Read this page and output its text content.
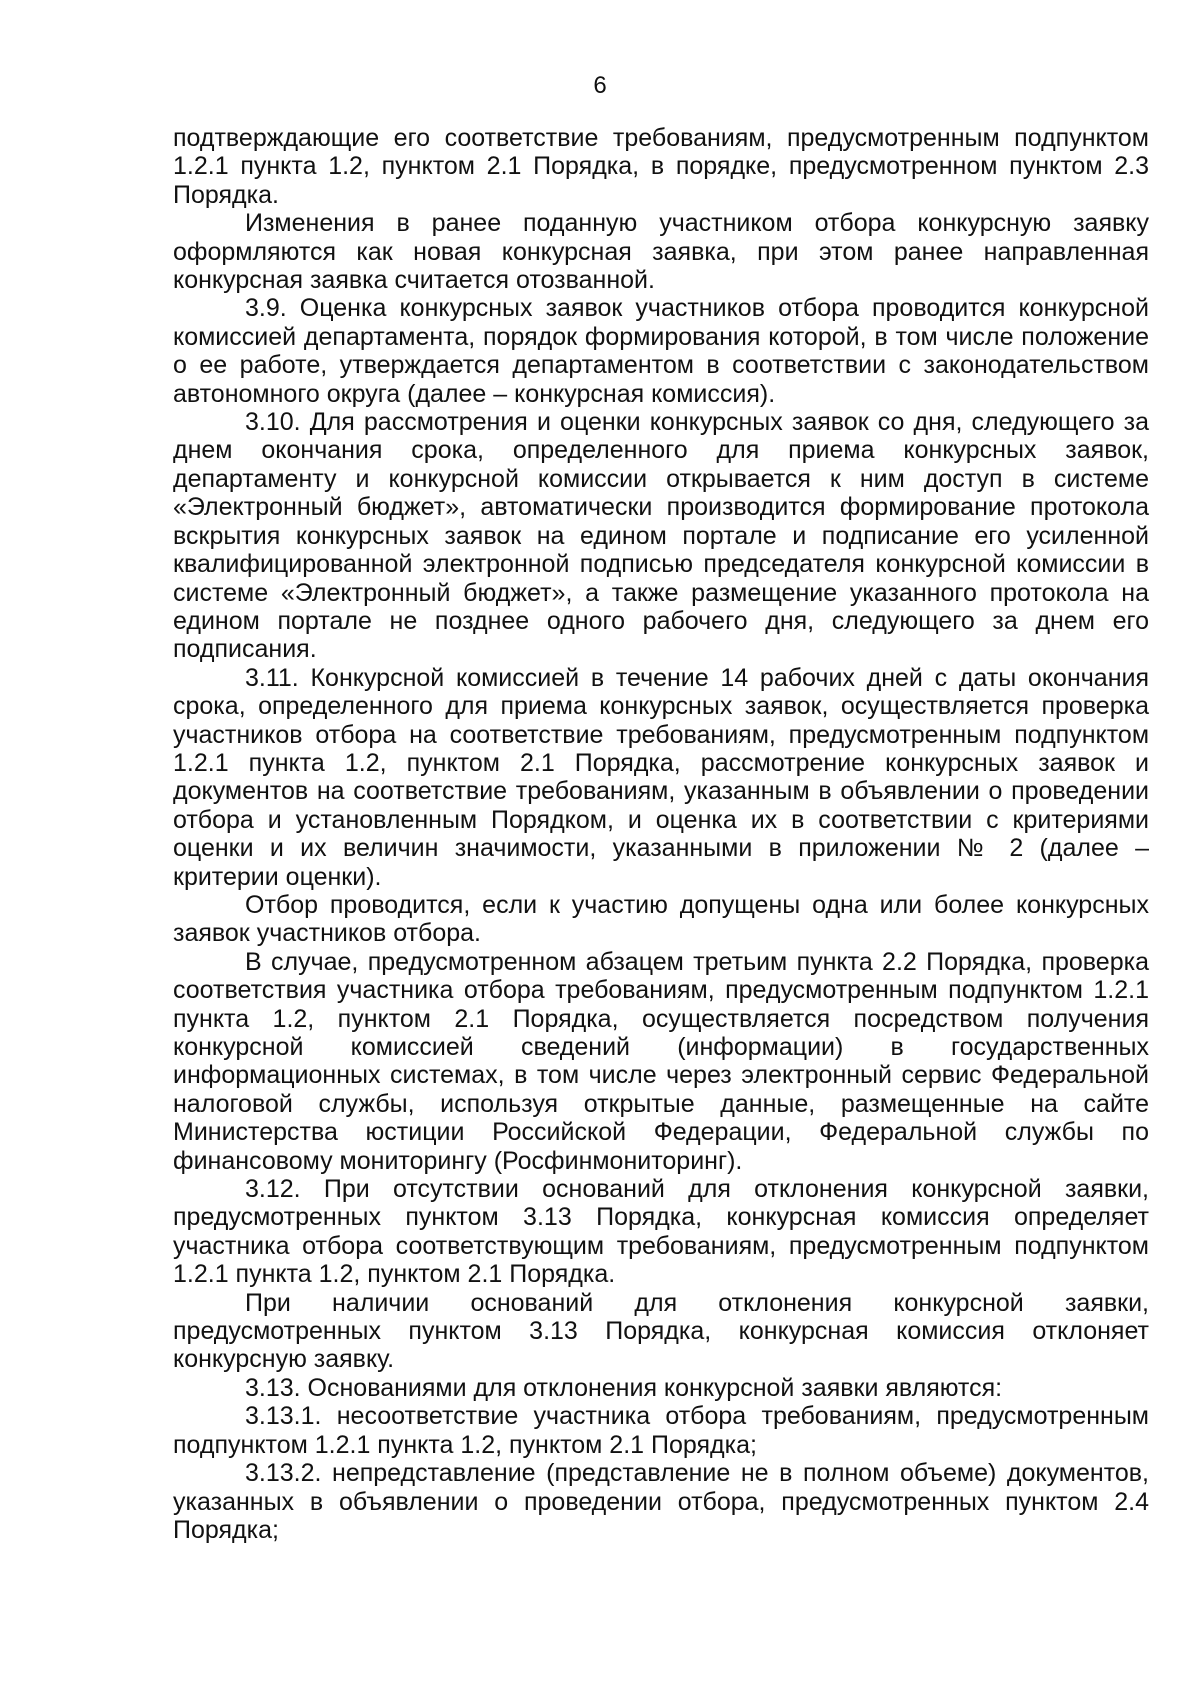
6

подтверждающие его соответствие требованиям, предусмотренным подпунктом 1.2.1 пункта 1.2, пунктом 2.1 Порядка, в порядке, предусмотренном пунктом 2.3 Порядка.

Изменения в ранее поданную участником отбора конкурсную заявку оформляются как новая конкурсная заявка, при этом ранее направленная конкурсная заявка считается отозванной.

3.9. Оценка конкурсных заявок участников отбора проводится конкурсной комиссией департамента, порядок формирования которой, в том числе положение о ее работе, утверждается департаментом в соответствии с законодательством автономного округа (далее – конкурсная комиссия).

3.10. Для рассмотрения и оценки конкурсных заявок со дня, следующего за днем окончания срока, определенного для приема конкурсных заявок, департаменту и конкурсной комиссии открывается к ним доступ в системе «Электронный бюджет», автоматически производится формирование протокола вскрытия конкурсных заявок на едином портале и подписание его усиленной квалифицированной электронной подписью председателя конкурсной комиссии в системе «Электронный бюджет», а также размещение указанного протокола на едином портале не позднее одного рабочего дня, следующего за днем его подписания.

3.11. Конкурсной комиссией в течение 14 рабочих дней с даты окончания срока, определенного для приема конкурсных заявок, осуществляется проверка участников отбора на соответствие требованиям, предусмотренным подпунктом 1.2.1 пункта 1.2, пунктом 2.1 Порядка, рассмотрение конкурсных заявок и документов на соответствие требованиям, указанным в объявлении о проведении отбора и установленным Порядком, и оценка их в соответствии с критериями оценки и их величин значимости, указанными в приложении № 2 (далее – критерии оценки).

Отбор проводится, если к участию допущены одна или более конкурсных заявок участников отбора.

В случае, предусмотренном абзацем третьим пункта 2.2 Порядка, проверка соответствия участника отбора требованиям, предусмотренным подпунктом 1.2.1 пункта 1.2, пунктом 2.1 Порядка, осуществляется посредством получения конкурсной комиссией сведений (информации) в государственных информационных системах, в том числе через электронный сервис Федеральной налоговой службы, используя открытые данные, размещенные на сайте Министерства юстиции Российской Федерации, Федеральной службы по финансовому мониторингу (Росфинмониторинг).

3.12. При отсутствии оснований для отклонения конкурсной заявки, предусмотренных пунктом 3.13 Порядка, конкурсная комиссия определяет участника отбора соответствующим требованиям, предусмотренным подпунктом 1.2.1 пункта 1.2, пунктом 2.1 Порядка.

При наличии оснований для отклонения конкурсной заявки, предусмотренных пунктом 3.13 Порядка, конкурсная комиссия отклоняет конкурсную заявку.

3.13. Основаниями для отклонения конкурсной заявки являются:

3.13.1. несоответствие участника отбора требованиям, предусмотренным подпунктом 1.2.1 пункта 1.2, пунктом 2.1 Порядка;

3.13.2. непредставление (представление не в полном объеме) документов, указанных в объявлении о проведении отбора, предусмотренных пунктом 2.4 Порядка;
